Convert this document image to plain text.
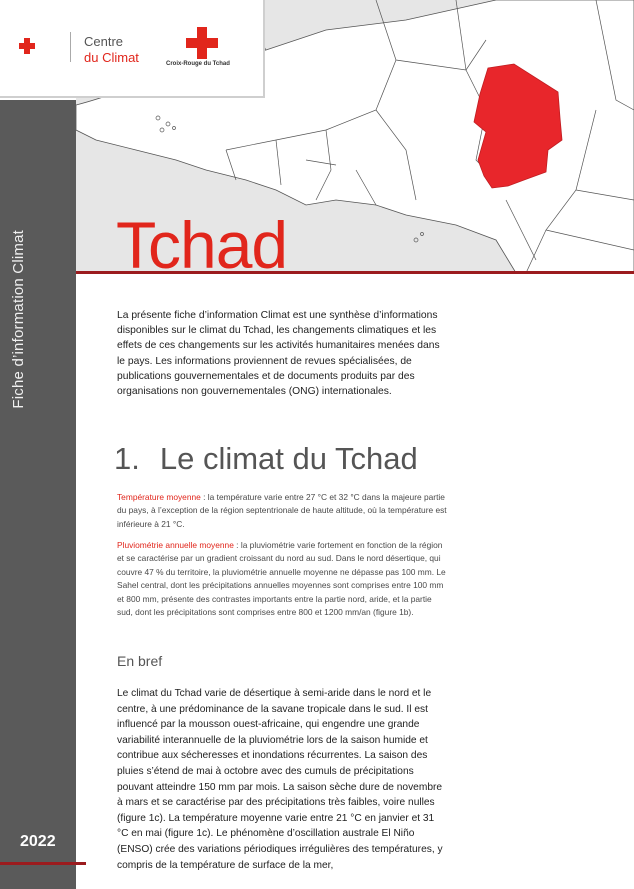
Centre
du Climat	Croix-Rouge du Tchad
Fiche d’information Climat
2022
Tchad
La présente fiche d’information Climat est une synthèse d’informations disponibles sur le climat du Tchad, les changements climatiques et les effets de ces changements sur les activités humanitaires menées dans le pays. Les informations proviennent de revues spécialisées, de publications gouvernementales et de documents produits par des organisations non gouvernementales (ONG) internationales.
1. Le climat du Tchad
Température moyenne : la température varie entre 27 °C et 32 °C dans la majeure partie du pays, à l’exception de la région septentrionale de haute altitude, où la température est inférieure à 21 °C.
Pluviométrie annuelle moyenne : la pluviométrie varie fortement en fonction de la région et se caractérise par un gradient croissant du nord au sud. Dans le nord désertique, qui couvre 47 % du territoire, la pluviométrie annuelle moyenne ne dépasse pas 100 mm. Le Sahel central, dont les précipitations annuelles moyennes sont comprises entre 100 mm et 800 mm, présente des contrastes importants entre la partie nord, aride, et la partie sud, dont les précipitations sont comprises entre 800 et 1200 mm/an (figure 1b).
En bref
Le climat du Tchad varie de désertique à semi-aride dans le nord et le centre, à une prédominance de la savane tropicale dans le sud. Il est influencé par la mousson ouest-africaine, qui engendre une grande variabilité interannuelle de la pluviométrie lors de la saison humide et contribue aux sécheresses et inondations récurrentes. La saison des pluies s’étend de mai à octobre avec des cumuls de précipitations pouvant atteindre 150 mm par mois. La saison sèche dure de novembre à mars et se caractérise par des précipitations très faibles, voire nulles (figure 1c). La température moyenne varie entre 21 °C en janvier et 31 °C en mai (figure 1c). Le phénomène d’oscillation australe El Niño (ENSO) crée des variations périodiques irrégulières des températures, y compris de la température de surface de la mer,
